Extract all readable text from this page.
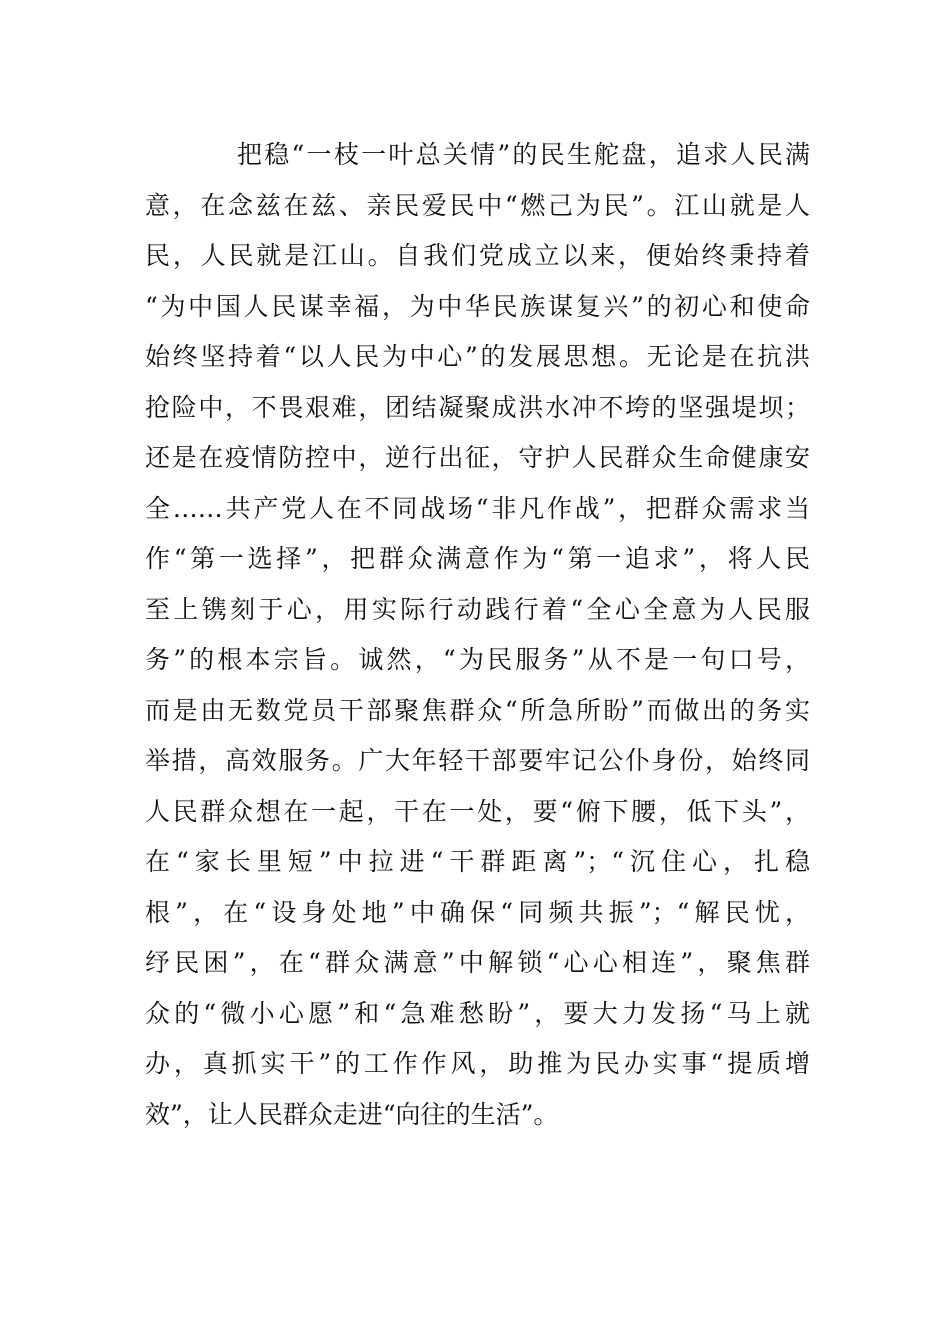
把稳“一枝一叶总关情”的民生舵盘，追求人民满
意，在念兹在兹、亲民爱民中“燃己为民”。江山就是人
民，人民就是江山。自我们党成立以来，便始终秉持着
“为中国人民谋幸福，为中华民族谋复兴”的初心和使命
始终坚持着“以人民为中心”的发展思想。无论是在抗洪
抢险中，不畏艰难，团结凝聚成洪水冲不垮的坚强堤坝；
还是在疫情防控中，逆行出征，守护人民群众生命健康安
全……共产党人在不同战场“非凡作战”，把群众需求当
作“第一选择”，把群众满意作为“第一追求”，将人民
至上镌刻于心，用实际行动践行着“全心全意为人民服
务”的根本宗旨。诚然，“为民服务”从不是一句口号，
而是由无数党员干部聚焦群众“所急所盼”而做出的务实
举措，高效服务。广大年轻干部要牢记公仆身份，始终同
人民群众想在一起，干在一处，要“俯下腰，低下头”，
在“家长里短”中拉进“干群距离”；“沉住心，扎稳
根”，在“设身处地”中确保“同频共振”；“解民忧，
纾民困”，在“群众满意”中解锁“心心相连”，聚焦群
众的“微小心愿”和“急难愁盼”，要大力发扬“马上就
办，真抓实干”的工作作风，助推为民办实事“提质增
效”，让人民群众走进“向往的生活”。
